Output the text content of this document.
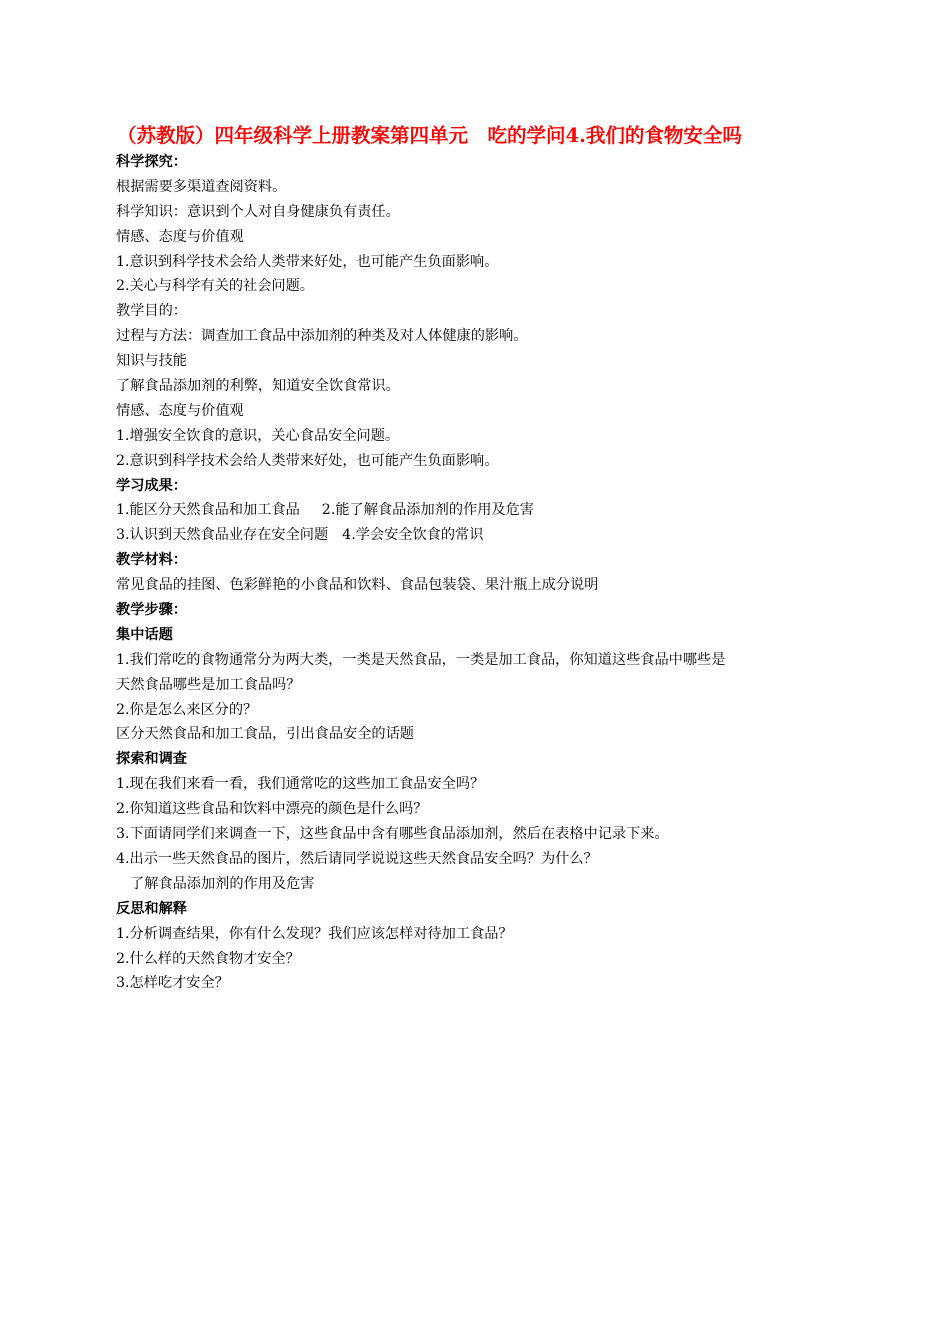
（苏教版）四年级科学上册教案第四单元　吃的学问4.我们的食物安全吗
科学探究：
根据需要多渠道查阅资料。
科学知识：意识到个人对自身健康负有责任。
情感、态度与价值观
1.意识到科学技术会给人类带来好处，也可能产生负面影响。
2.关心与科学有关的社会问题。
教学目的：
过程与方法：调查加工食品中添加剂的种类及对人体健康的影响。
知识与技能
了解食品添加剂的利弊，知道安全饮食常识。
情感、态度与价值观
1.增强安全饮食的意识，关心食品安全问题。
2.意识到科学技术会给人类带来好处，也可能产生负面影响。
学习成果：
1.能区分天然食品和加工食品 2.能了解食品添加剂的作用及危害
3.认识到天然食品业存在安全问题 4.学会安全饮食的常识
教学材料：
常见食品的挂图、色彩鲜艳的小食品和饮料、食品包装袋、果汁瓶上成分说明
教学步骤：
集中话题
1.我们常吃的食物通常分为两大类，一类是天然食品，一类是加工食品，你知道这些食品中哪些是
天然食品哪些是加工食品吗？
2.你是怎么来区分的？
区分天然食品和加工食品，引出食品安全的话题
探索和调查
1.现在我们来看一看，我们通常吃的这些加工食品安全吗？
2.你知道这些食品和饮料中漂亮的颜色是什么吗？
3.下面请同学们来调查一下，这些食品中含有哪些食品添加剂，然后在表格中记录下来。
4.出示一些天然食品的图片，然后请同学说说这些天然食品安全吗？为什么？
了解食品添加剂的作用及危害
反思和解释
1.分析调查结果，你有什么发现？我们应该怎样对待加工食品？
2.什么样的天然食物才安全？
3.怎样吃才安全？
